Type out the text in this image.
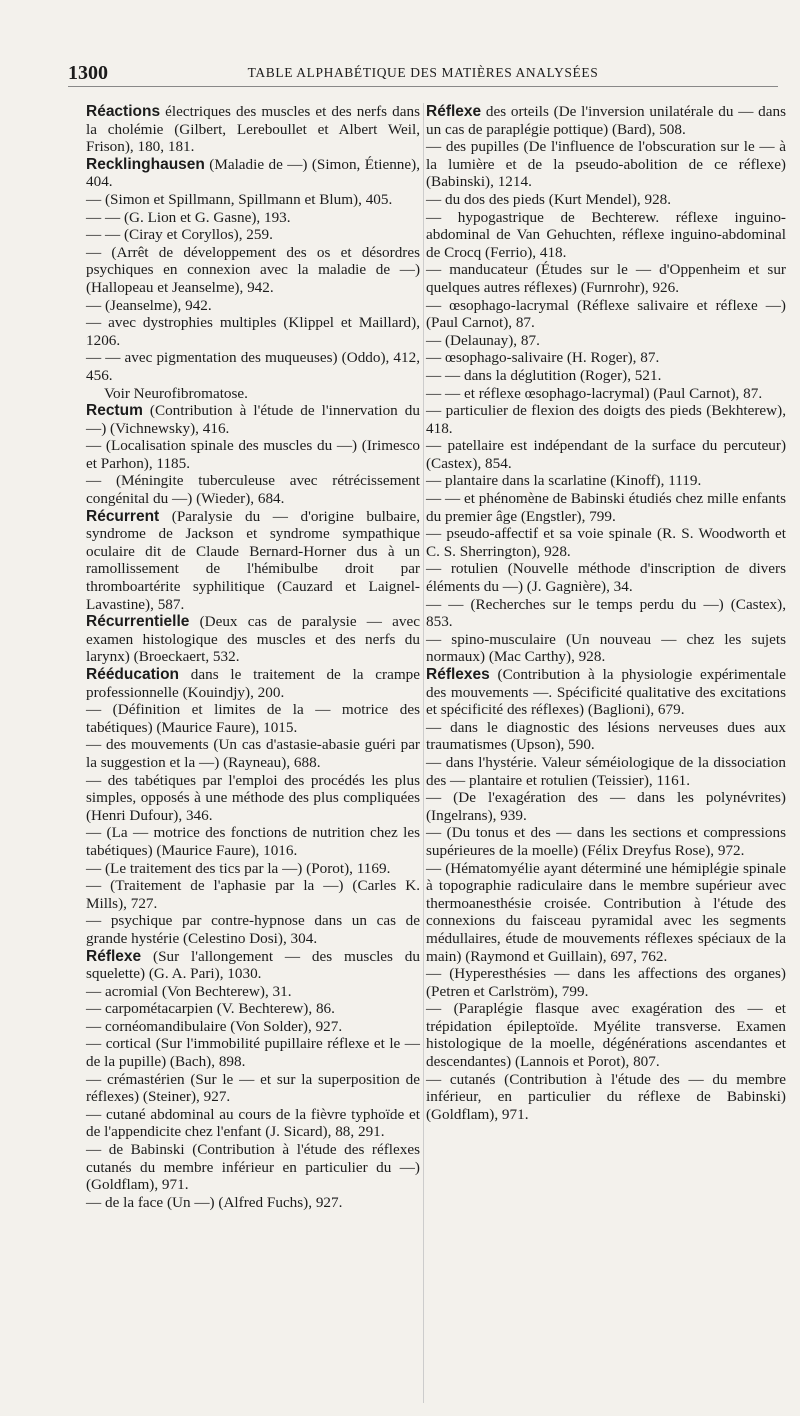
1300	TABLE ALPHABÉTIQUE DES MATIÈRES ANALYSÉES

Réactions électriques des muscles et des nerfs dans la cholémie (Gilbert, Lereboullet et Albert Weil, Frison), 180, 181.

Recklinghausen (Maladie de —) (Simon, Étienne), 404.

— (Simon et Spillmann, Spillmann et Blum), 405.

— — (G. Lion et G. Gasne), 193.

— — (Ciray et Coryllos), 259.

— (Arrêt de développement des os et désordres psychiques en connexion avec la maladie de —) (Hallopeau et Jeanselme), 942.

— (Jeanselme), 942.

— avec dystrophies multiples (Klippel et Maillard), 1206.

— — avec pigmentation des muqueuses) (Oddo), 412, 456.

Voir Neurofibromatose.

Rectum (Contribution à l'étude de l'innervation du —) (Vichnewsky), 416.

— (Localisation spinale des muscles du —) (Irimesco et Parhon), 1185.

— (Méningite tuberculeuse avec rétrécissement congénital du —) (Wieder), 684.

Récurrent (Paralysie du — d'origine bulbaire, syndrome de Jackson et syndrome sympathique oculaire dit de Claude Bernard-Horner dus à un ramollissement de l'hémibulbe droit par thromboartérite syphilitique (Cauzard et Laignel-Lavastine), 587.

Récurrentielle (Deux cas de paralysie — avec examen histologique des muscles et des nerfs du larynx) (Broeckaert, 532.

Rééducation dans le traitement de la crampe professionnelle (Kouindjy), 200.

— (Définition et limites de la — motrice des tabétiques) (Maurice Faure), 1015.

— des mouvements (Un cas d'astasie-abasie guéri par la suggestion et la —) (Rayneau), 688.

— des tabétiques par l'emploi des procédés les plus simples, opposés à une méthode des plus compliquées (Henri Dufour), 346.

— (La — motrice des fonctions de nutrition chez les tabétiques) (Maurice Faure), 1016.

— (Le traitement des tics par la —) (Porot), 1169.

— (Traitement de l'aphasie par la —) (Carles K. Mills), 727.

— psychique par contre-hypnose dans un cas de grande hystérie (Celestino Dosi), 304.

Réflexe (Sur l'allongement — des muscles du squelette) (G. A. Pari), 1030.

— acromial (Von Bechterew), 31.

— carpométacarpien (V. Bechterew), 86.

— cornéomandibulaire (Von Solder), 927.

— cortical (Sur l'immobilité pupillaire réflexe et le — de la pupille) (Bach), 898.

— crémastérien (Sur le — et sur la superposition de réflexes) (Steiner), 927.

— cutané abdominal au cours de la fièvre typhoïde et de l'appendicite chez l'enfant (J. Sicard), 88, 291.

— de Babinski (Contribution à l'étude des réflexes cutanés du membre inférieur en particulier du —) (Goldflam), 971.

— de la face (Un —) (Alfred Fuchs), 927.

Réflexe des orteils (De l'inversion unilatérale du — dans un cas de paraplégie pottique) (Bard), 508.

— des pupilles (De l'influence de l'obscuration sur le — à la lumière et de la pseudo-abolition de ce réflexe) (Babinski), 1214.

— du dos des pieds (Kurt Mendel), 928.

— hypogastrique de Bechterew. réflexe inguino-abdominal de Van Gehuchten, réflexe inguino-abdominal de Crocq (Ferrio), 418.

— manducateur (Études sur le — d'Oppenheim et sur quelques autres réflexes) (Furnrohr), 926.

— œsophago-lacrymal (Réflexe salivaire et réflexe —) (Paul Carnot), 87.

— (Delaunay), 87.

— œsophago-salivaire (H. Roger), 87.

— — dans la déglutition (Roger), 521.

— — et réflexe œsophago-lacrymal) (Paul Carnot), 87.

— particulier de flexion des doigts des pieds (Bekhterew), 418.

— patellaire est indépendant de la surface du percuteur) (Castex), 854.

— plantaire dans la scarlatine (Kinoff), 1119.

— — et phénomène de Babinski étudiés chez mille enfants du premier âge (Engstler), 799.

— pseudo-affectif et sa voie spinale (R. S. Woodworth et C. S. Sherrington), 928.

— rotulien (Nouvelle méthode d'inscription de divers éléments du —) (J. Gagnière), 34.

— — (Recherches sur le temps perdu du —) (Castex), 853.

— spino-musculaire (Un nouveau — chez les sujets normaux) (Mac Carthy), 928.

Réflexes (Contribution à la physiologie expérimentale des mouvements —. Spécificité qualitative des excitations et spécificité des réflexes) (Baglioni), 679.

— dans le diagnostic des lésions nerveuses dues aux traumatismes (Upson), 590.

— dans l'hystérie. Valeur séméiologique de la dissociation des — plantaire et rotulien (Teissier), 1161.

— (De l'exagération des — dans les polynévrites) (Ingelrans), 939.

— (Du tonus et des — dans les sections et compressions supérieures de la moelle) (Félix Dreyfus Rose), 972.

— (Hématomyélie ayant déterminé une hémiplégie spinale à topographie radiculaire dans le membre supérieur avec thermoanesthésie croisée. Contribution à l'étude des connexions du faisceau pyramidal avec les segments médullaires, étude de mouvements réflexes spéciaux de la main) (Raymond et Guillain), 697, 762.

— (Hyperesthésies — dans les affections des organes) (Petren et Carlström), 799.

— (Paraplégie flasque avec exagération des — et trépidation épileptoïde. Myélite transverse. Examen histologique de la moelle, dégénérations ascendantes et descendantes) (Lannois et Porot), 807.

— cutanés (Contribution à l'étude des — du membre inférieur, en particulier du réflexe de Babinski) (Goldflam), 971.
